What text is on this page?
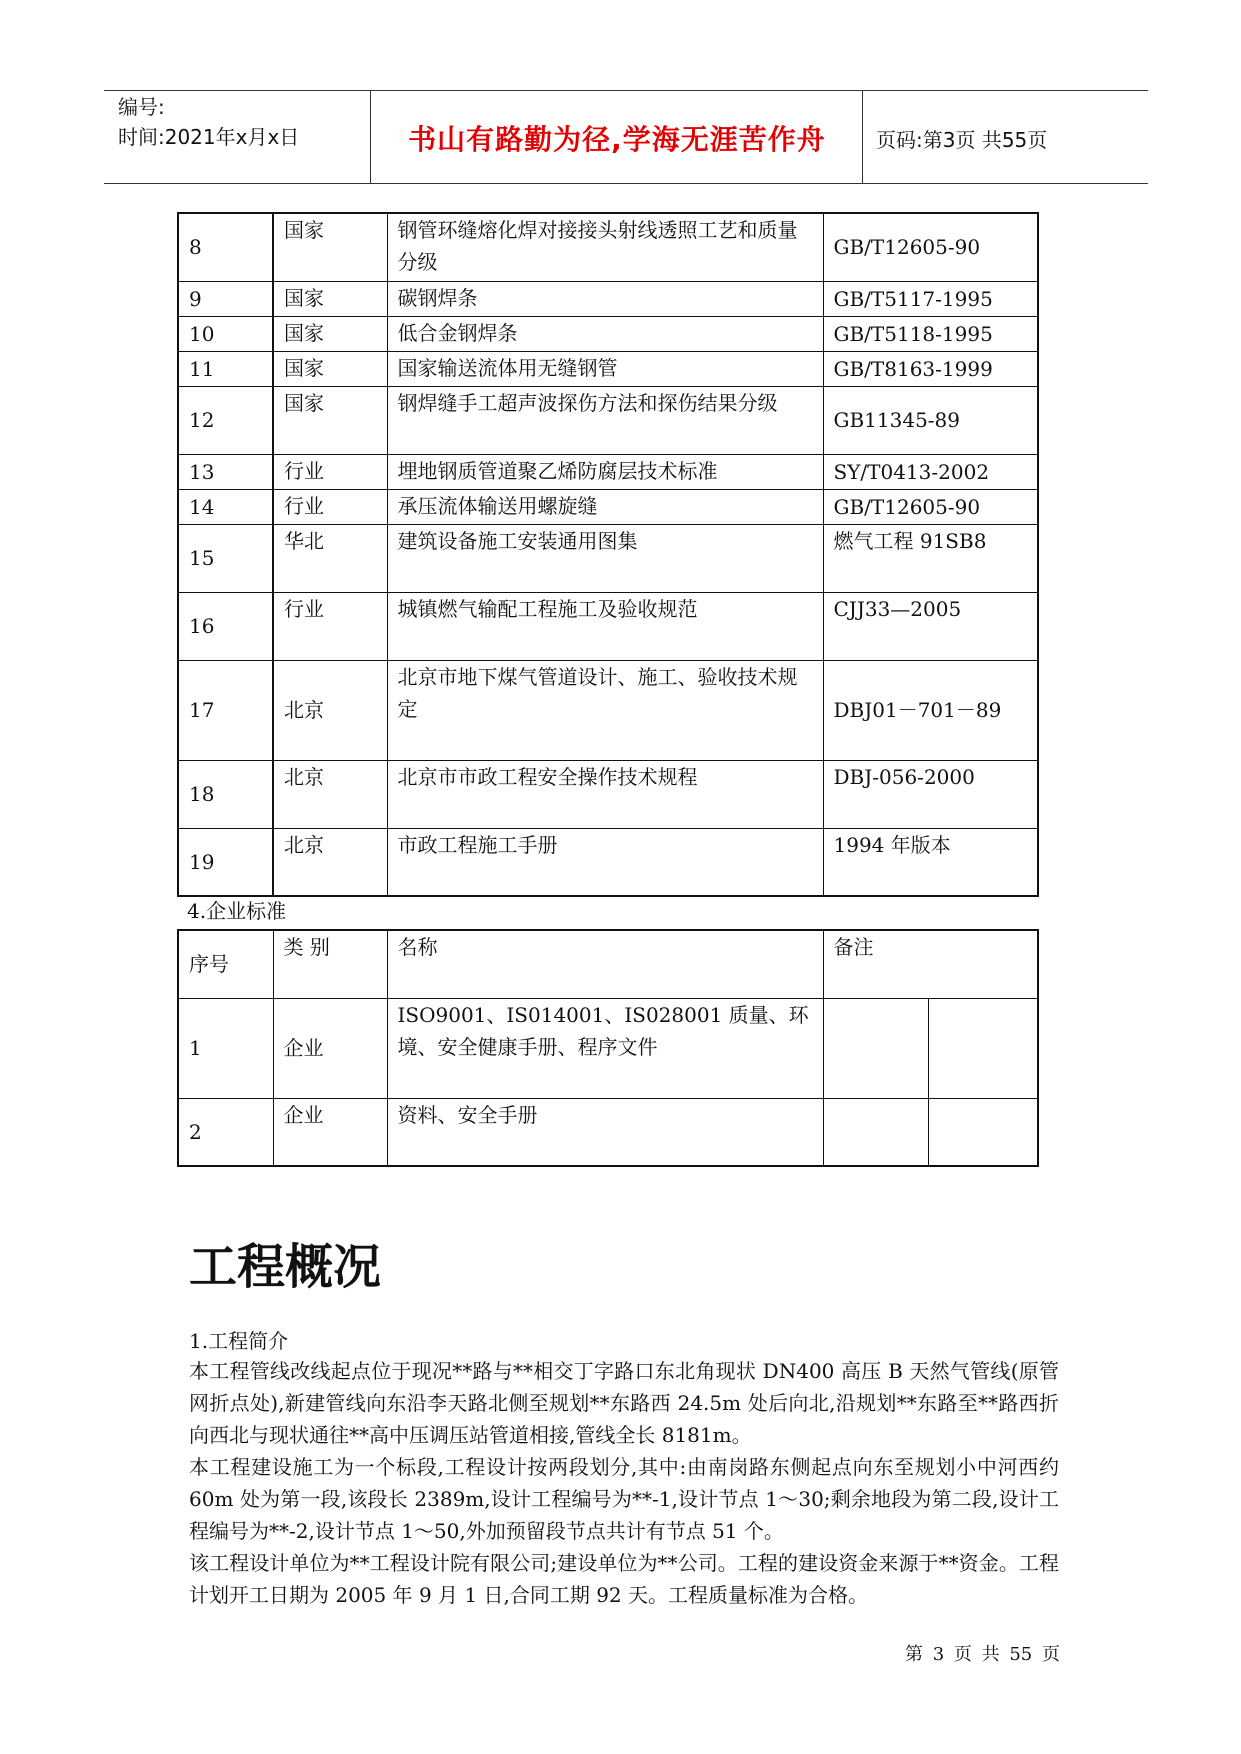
编号:
时间:2021年x月x日	书山有路勤为径,学海无涯苦作舟	页码:第3页 共55页
8	国家	钢管环缝熔化焊对接接头射线透照工艺和质量分级	GB/T12605-90
9	国家	碳钢焊条	GB/T5117-1995
10	国家	低合金钢焊条	GB/T5118-1995
11	国家	国家输送流体用无缝钢管	GB/T8163-1999
12	国家	钢焊缝手工超声波探伤方法和探伤结果分级	GB11345-89
13	行业	埋地钢质管道聚乙烯防腐层技术标准	SY/T0413-2002
14	行业	承压流体输送用螺旋缝	GB/T12605-90
15	华北	建筑设备施工安装通用图集	燃气工程 91SB8
16	行业	城镇燃气输配工程施工及验收规范	CJJ33—2005
17	北京	北京市地下煤气管道设计、施工、验收技术规定	DBJ01－701－89
18	北京	北京市市政工程安全操作技术规程	DBJ-056-2000
19	北京	市政工程施工手册	1994 年版本
4.企业标准
序号	类 别	名称	备注	
1	企业	ISO9001、IS014001、IS028001 质量、环境、安全健康手册、程序文件		
2	企业	资料、安全手册		
工程概况
1.工程简介
本工程管线改线起点位于现况**路与**相交丁字路口东北角现状 DN400 高压 B 天然气管线(原管网折点处),新建管线向东沿李天路北侧至规划**东路西 24.5m 处后向北,沿规划**东路至**路西折向西北与现状通往**高中压调压站管道相接,管线全长 8181m。
本工程建设施工为一个标段,工程设计按两段划分,其中:由南岗路东侧起点向东至规划小中河西约 60m 处为第一段,该段长 2389m,设计工程编号为**-1,设计节点 1～30;剩余地段为第二段,设计工程编号为**-2,设计节点 1～50,外加预留段节点共计有节点 51 个。
该工程设计单位为**工程设计院有限公司;建设单位为**公司。工程的建设资金来源于**资金。工程计划开工日期为 2005 年 9 月 1 日,合同工期 92 天。工程质量标准为合格。
第 3 页 共 55 页
